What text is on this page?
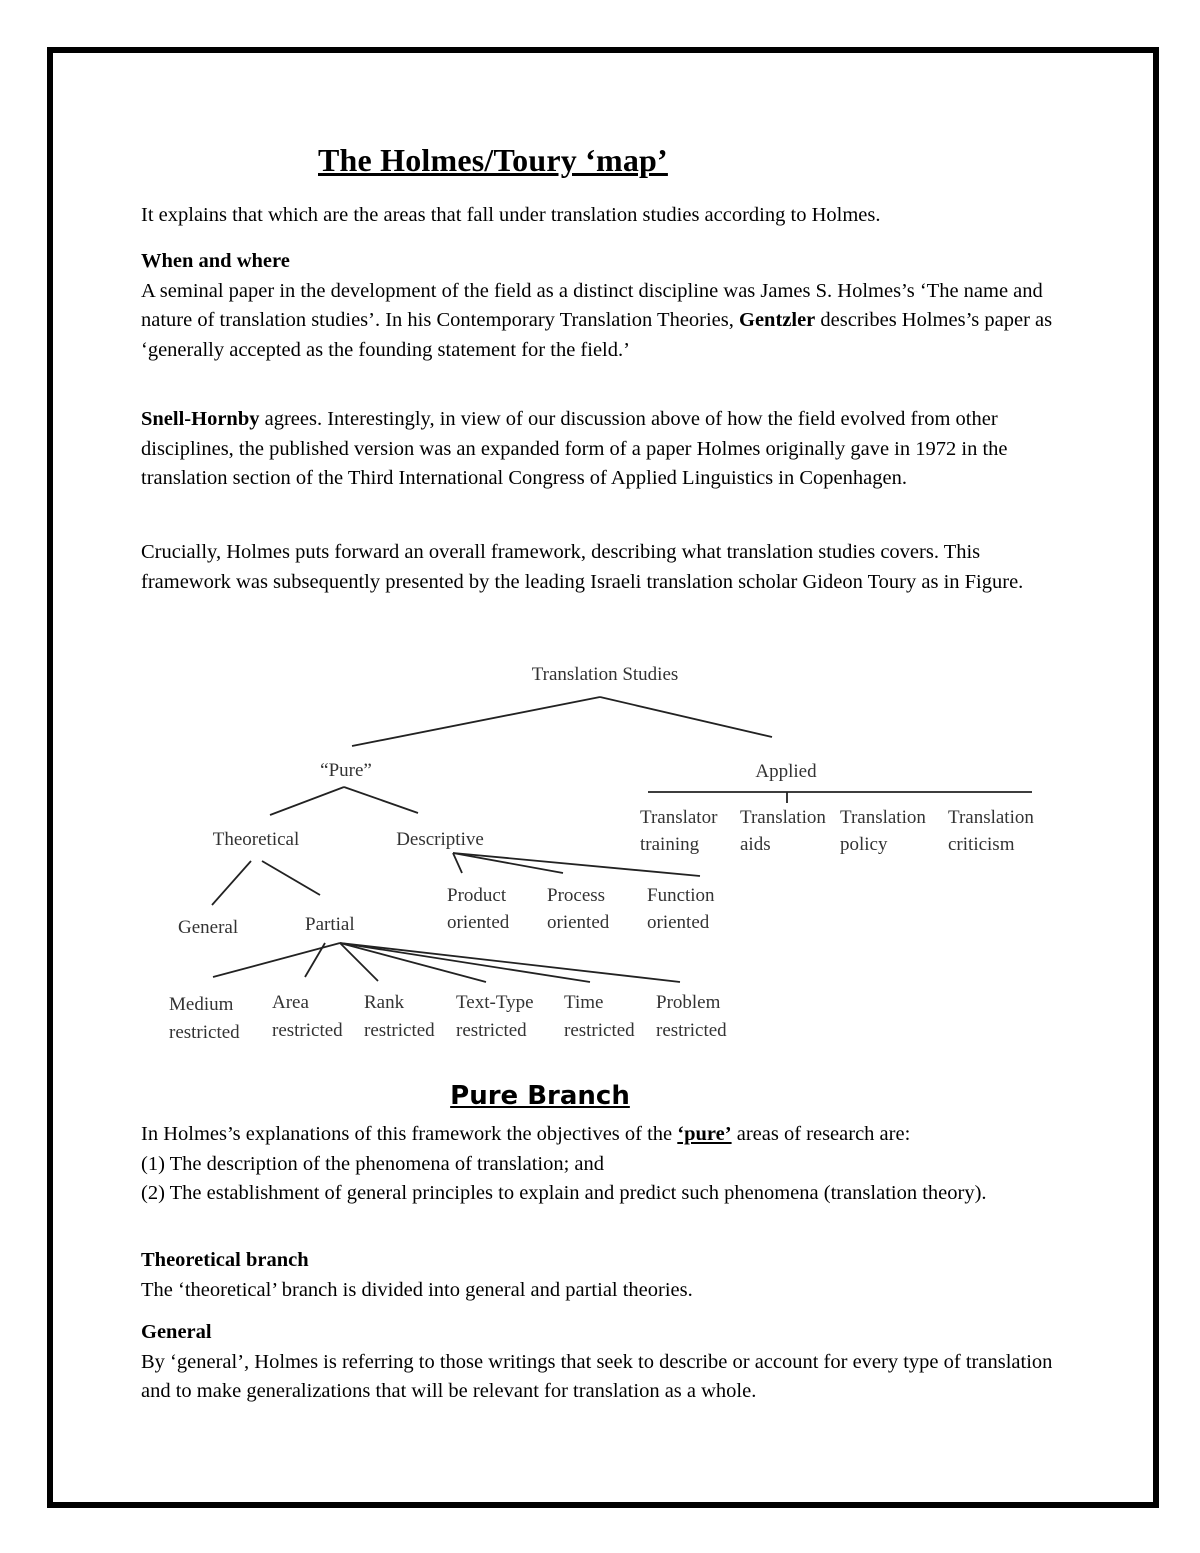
The Holmes/Toury ‘map’

It explains that which are the areas that fall under translation studies according to Holmes.

When and where

A seminal paper in the development of the field as a distinct discipline was James S. Holmes’s ‘The name and nature of translation studies’. In his Contemporary Translation Theories, Gentzler describes Holmes’s paper as ‘generally accepted as the founding statement for the field.’

Snell-Hornby agrees. Interestingly, in view of our discussion above of how the field evolved from other disciplines, the published version was an expanded form of a paper Holmes originally gave in 1972 in the translation section of the Third International Congress of Applied Linguistics in Copenhagen.

Crucially, Holmes puts forward an overall framework, describing what translation studies covers. This framework was subsequently presented by the leading Israeli translation scholar Gideon Toury as in Figure.

Translation Studies
“Pure”	Applied
Theoretical	Descriptive
Translator
training
Translation
aids
Translation
policy
Translation
criticism
General	Partial
Product
oriented
Process
oriented
Function
oriented
Medium
restricted
Area
restricted
Rank
restricted
Text-Type
restricted
Time
restricted
Problem
restricted
Pure Branch

In Holmes’s explanations of this framework the objectives of the ‘pure’ areas of research are:

(1) The description of the phenomena of translation; and

(2) The establishment of general principles to explain and predict such phenomena (translation theory).

Theoretical branch

The ‘theoretical’ branch is divided into general and partial theories.

General

By ‘general’, Holmes is referring to those writings that seek to describe or account for every type of translation and to make generalizations that will be relevant for translation as a whole.
